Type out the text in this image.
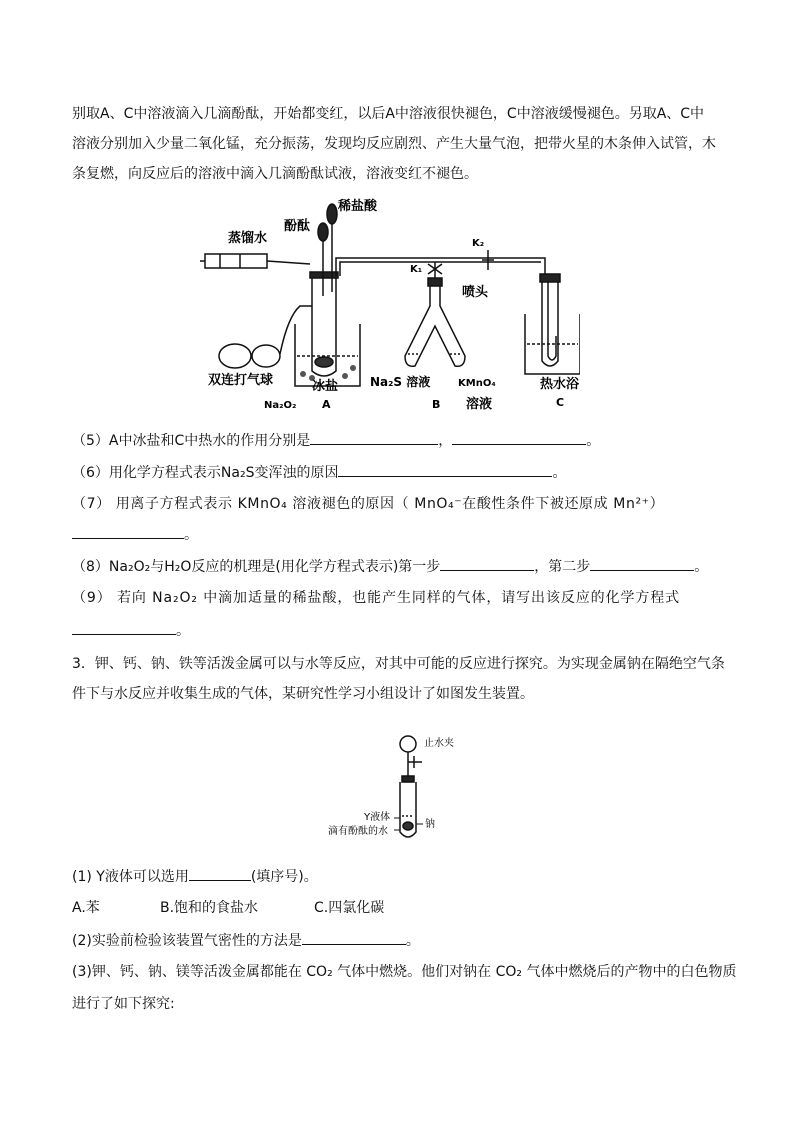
别取A、C中溶液滴入几滴酚酞，开始都变红，以后A中溶液很快褪色，C中溶液缓慢褪色。另取A、C中
溶液分别加入少量二氧化锰，充分振荡，发现均反应剧烈、产生大量气泡，把带火星的木条伸入试管，木
条复燃，向反应后的溶液中滴入几滴酚酞试液，溶液变红不褪色。
蒸馏水
酚酞
稀盐酸
K₂
K₁
喷头
双连打气球	冰盐
Na₂O₂ A
Na₂S 溶液
B
KMnO₄
溶液
热水浴
C
（5）A中冰盐和C中热水的作用分别是	，	。
（6）用化学方程式表示Na₂S变浑浊的原因	。
（7） 用离子方程式表示 KMnO₄ 溶液褪色的原因（ MnO₄⁻在酸性条件下被还原成 Mn²⁺）
。
（8）Na₂O₂与H₂O反应的机理是(用化学方程式表示)第一步	，第二步	。
（9） 若向 Na₂O₂ 中滴加适量的稀盐酸，也能产生同样的气体，请写出该反应的化学方程式
。
3．钾、钙、钠、铁等活泼金属可以与水等反应，对其中可能的反应进行探究。为实现金属钠在隔绝空气条
件下与水反应并收集生成的气体，某研究性学习小组设计了如图发生装置。
止水夹
Y液体
钠
滴有酚酞的水
(1) Y液体可以选用	(填序号)。
A.苯	B.饱和的食盐水	C.四氯化碳
(2)实验前检验该装置气密性的方法是	。
(3)钾、钙、钠、镁等活泼金属都能在 CO₂ 气体中燃烧。他们对钠在 CO₂ 气体中燃烧后的产物中的白色物质
进行了如下探究:
